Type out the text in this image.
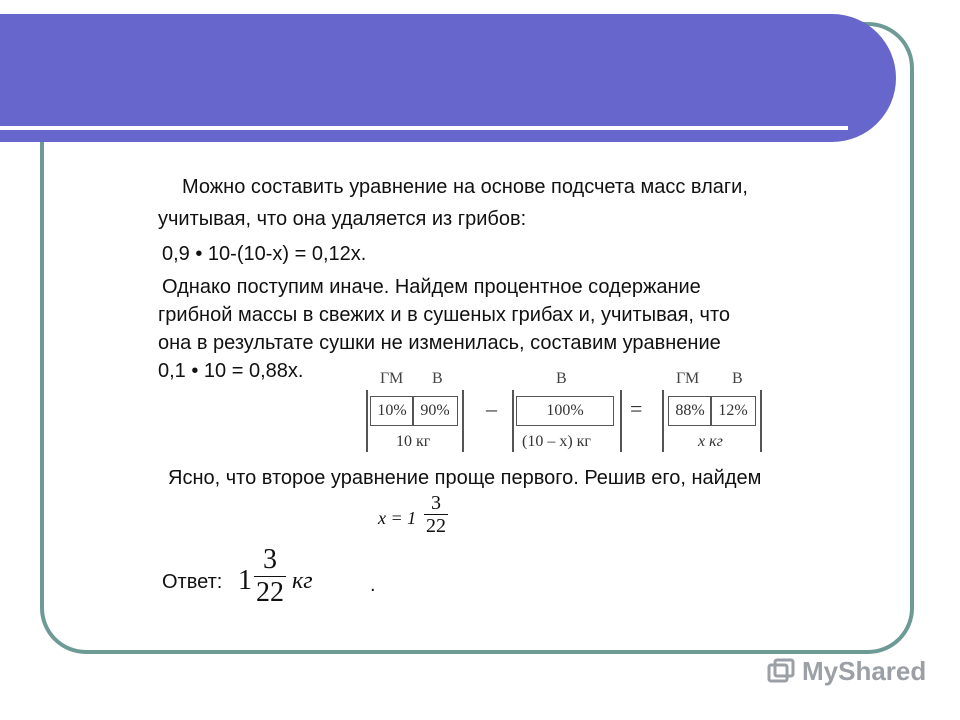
Можно составить уравнение на основе подсчета масс влаги,
учитывая, что она удаляется из грибов:
0,9 • 10-(10-х) = 0,12х.
Однако поступим иначе. Найдем процентное содержание
грибной массы в свежих и в сушеных грибах и, учитывая, что
она в результате сушки не изменилась, составим уравнение
0,1 • 10 = 0,88х.	ГМ В
10% 90%
10 кг
–
В
100%
(10 – x) кг
=
ГМ В
88% 12%
x кг
Ясно, что второе уравнение проще первого. Решив его, найдем
$x = 1 \frac{3}{22}$
Ответ: $1 \frac{3}{22}$ кг	.
MyShared
